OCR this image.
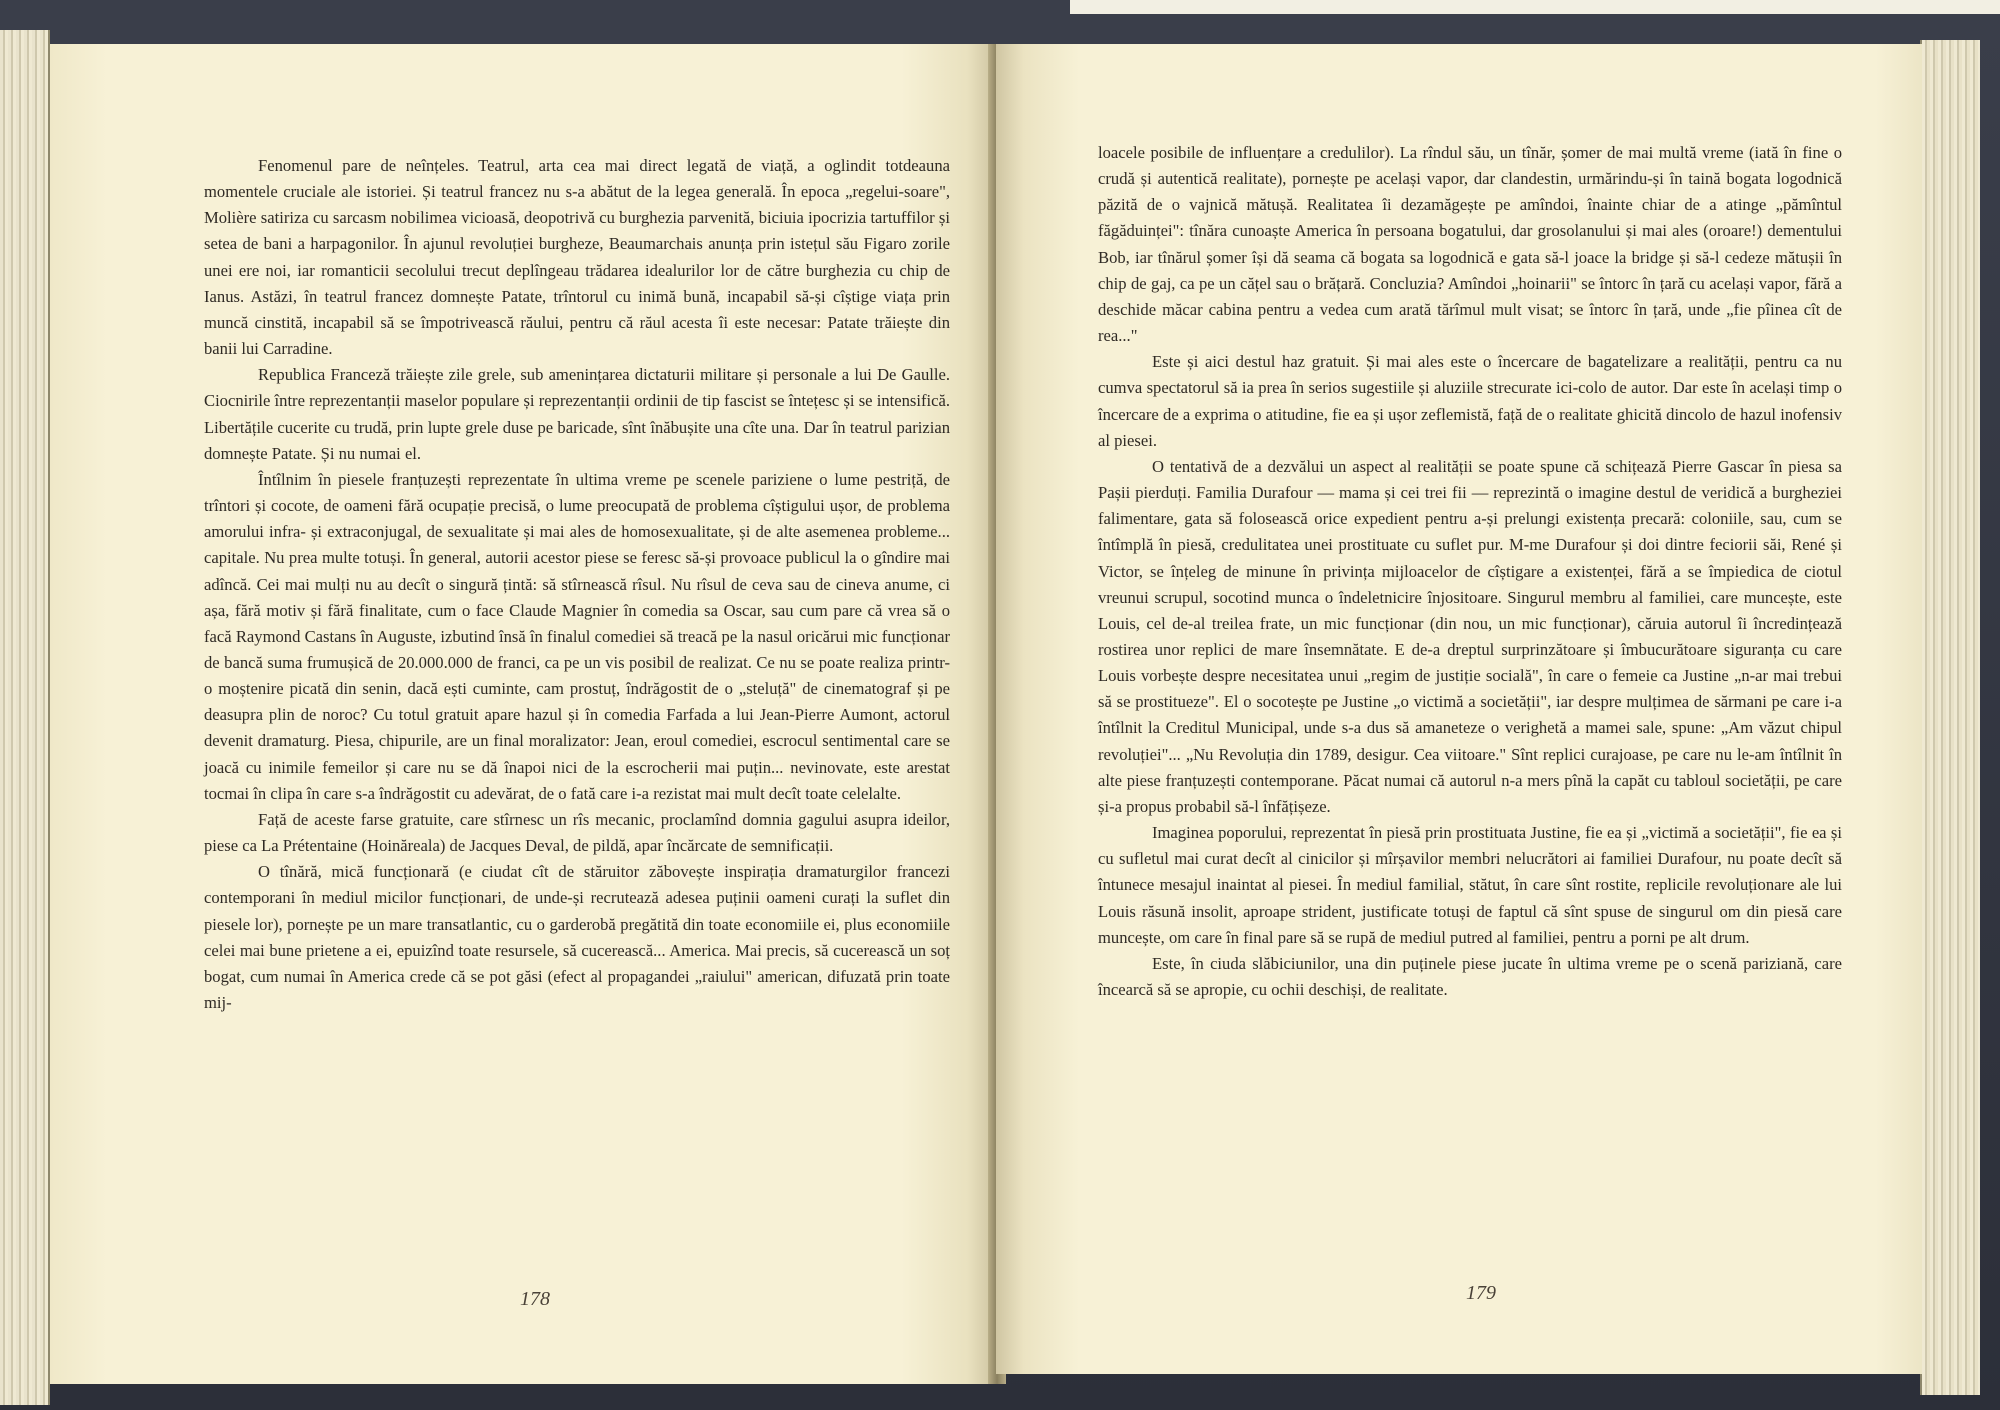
Fenomenul pare de neînțeles. Teatrul, arta cea mai direct legată de viață, a oglindit totdeauna momentele cruciale ale istoriei. Și teatrul francez nu s-a abătut de la legea generală. În epoca „regelui-soare", Molière satiriza cu sarcasm nobilimea vicioasă, deopotrivă cu burghezia parvenită, biciuia ipocrizia tartuffilor și setea de bani a harpagonilor. În ajunul revoluției burgheze, Beaumarchais anunța prin istețul său Figaro zorile unei ere noi, iar romanticii secolului trecut deplîngeau trădarea idealurilor lor de către burghezia cu chip de Ianus. Astăzi, în teatrul francez domnește Patate, trîntorul cu inimă bună, incapabil să-și cîștige viața prin muncă cinstită, incapabil să se împotrivească răului, pentru că răul acesta îi este necesar: Patate trăiește din banii lui Carradine.

Republica Franceză trăiește zile grele, sub amenințarea dictaturii militare și personale a lui De Gaulle. Ciocnirile între reprezentanții maselor populare și reprezentanții ordinii de tip fascist se întețesc și se intensifică. Libertățile cucerite cu trudă, prin lupte grele duse pe baricade, sînt înăbușite una cîte una. Dar în teatrul parizian domnește Patate. Și nu numai el.

Întîlnim în piesele franțuzești reprezentate în ultima vreme pe scenele pariziene o lume pestriță, de trîntori și cocote, de oameni fără ocupație precisă, o lume preocupată de problema cîștigului ușor, de problema amorului infra- și extraconjugal, de sexualitate și mai ales de homosexualitate, și de alte asemenea probleme... capitale. Nu prea multe totuși. În general, autorii acestor piese se feresc să-și provoace publicul la o gîndire mai adîncă. Cei mai mulți nu au decît o singură țintă: să stîrnească rîsul. Nu rîsul de ceva sau de cineva anume, ci așa, fără motiv și fără finalitate, cum o face Claude Magnier în comedia sa Oscar, sau cum pare că vrea să o facă Raymond Castans în Auguste, izbutind însă în finalul comediei să treacă pe la nasul oricărui mic funcționar de bancă suma frumușică de 20.000.000 de franci, ca pe un vis posibil de realizat. Ce nu se poate realiza printr-o moștenire picată din senin, dacă ești cuminte, cam prostuț, îndrăgostit de o „steluță" de cinematograf și pe deasupra plin de noroc? Cu totul gratuit apare hazul și în comedia Farfada a lui Jean-Pierre Aumont, actorul devenit dramaturg. Piesa, chipurile, are un final moralizator: Jean, eroul comediei, escrocul sentimental care se joacă cu inimile femeilor și care nu se dă înapoi nici de la escrocherii mai puțin... nevinovate, este arestat tocmai în clipa în care s-a îndrăgostit cu adevărat, de o fată care i-a rezistat mai mult decît toate celelalte.

Față de aceste farse gratuite, care stîrnesc un rîs mecanic, proclamînd domnia gagului asupra ideilor, piese ca La Prétentaine (Hoinăreala) de Jacques Deval, de pildă, apar încărcate de semnificații.

O tînără, mică funcționară (e ciudat cît de stăruitor zăbovește inspirația dramaturgilor francezi contemporani în mediul micilor funcționari, de unde-și recrutează adesea puținii oameni curați la suflet din piesele lor), pornește pe un mare transatlantic, cu o garderobă pregătită din toate economiile ei, plus economiile celei mai bune prietene a ei, epuizînd toate resursele, să cucerească... America. Mai precis, să cucerească un soț bogat, cum numai în America crede că se pot găsi (efect al propagandei „raiului" american, difuzată prin toate mij-

178

loacele posibile de influențare a credulilor). La rîndul său, un tînăr, șomer de mai multă vreme (iată în fine o crudă și autentică realitate), pornește pe același vapor, dar clandestin, urmărindu-și în taină bogata logodnică păzită de o vajnică mătușă. Realitatea îi dezamăgește pe amîndoi, înainte chiar de a atinge „pămîntul făgăduinței": tînăra cunoaște America în persoana bogatului, dar grosolanului și mai ales (oroare!) dementului Bob, iar tînărul șomer își dă seama că bogata sa logodnică e gata să-l joace la bridge și să-l cedeze mătușii în chip de gaj, ca pe un cățel sau o brățară. Concluzia? Amîndoi „hoinarii" se întorc în țară cu același vapor, fără a deschide măcar cabina pentru a vedea cum arată tărîmul mult visat; se întorc în țară, unde „fie pîinea cît de rea..."

Este și aici destul haz gratuit. Și mai ales este o încercare de bagatelizare a realității, pentru ca nu cumva spectatorul să ia prea în serios sugestiile și aluziile strecurate ici-colo de autor. Dar este în același timp o încercare de a exprima o atitudine, fie ea și ușor zeflemistă, față de o realitate ghicită dincolo de hazul inofensiv al piesei.

O tentativă de a dezvălui un aspect al realității se poate spune că schițează Pierre Gascar în piesa sa Pașii pierduți. Familia Durafour — mama și cei trei fii — reprezintă o imagine destul de veridică a burgheziei falimentare, gata să folosească orice expedient pentru a-și prelungi existența precară: coloniile, sau, cum se întîmplă în piesă, credulitatea unei prostituate cu suflet pur. M-me Durafour și doi dintre feciorii săi, René și Victor, se înțeleg de minune în privința mijloacelor de cîștigare a existenței, fără a se împiedica de ciotul vreunui scrupul, socotind munca o îndeletnicire înjositoare. Singurul membru al familiei, care muncește, este Louis, cel de-al treilea frate, un mic funcționar (din nou, un mic funcționar), căruia autorul îi încredințează rostirea unor replici de mare însemnătate. E de-a dreptul surprinzătoare și îmbucurătoare siguranța cu care Louis vorbește despre necesitatea unui „regim de justiție socială", în care o femeie ca Justine „n-ar mai trebui să se prostitueze". El o socotește pe Justine „o victimă a societății", iar despre mulțimea de sărmani pe care i-a întîlnit la Creditul Municipal, unde s-a dus să amaneteze o verighetă a mamei sale, spune: „Am văzut chipul revoluției"... „Nu Revoluția din 1789, desigur. Cea viitoare." Sînt replici curajoase, pe care nu le-am întîlnit în alte piese franțuzești contemporane. Păcat numai că autorul n-a mers pînă la capăt cu tabloul societății, pe care și-a propus probabil să-l înfățișeze.

Imaginea poporului, reprezentat în piesă prin prostituata Justine, fie ea și „victimă a societății", fie ea și cu sufletul mai curat decît al cinicilor și mîrșavilor membri nelucrători ai familiei Durafour, nu poate decît să întunece mesajul inaintat al piesei. În mediul familial, stătut, în care sînt rostite, replicile revoluționare ale lui Louis răsună insolit, aproape strident, justificate totuși de faptul că sînt spuse de singurul om din piesă care muncește, om care în final pare să se rupă de mediul putred al familiei, pentru a porni pe alt drum.

Este, în ciuda slăbiciunilor, una din puținele piese jucate în ultima vreme pe o scenă pariziană, care încearcă să se apropie, cu ochii deschiși, de realitate.

179
